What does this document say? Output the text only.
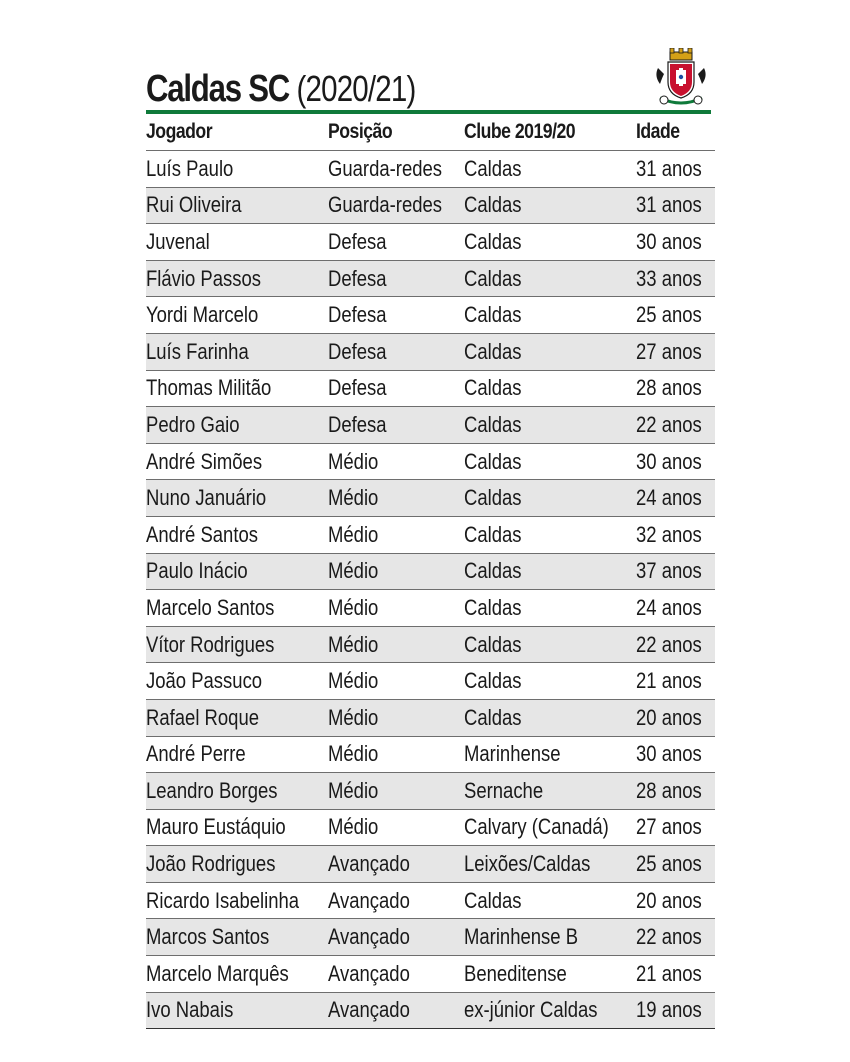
Caldas SC (2020/21)
Jogador	Posição	Clube 2019/20	Idade
Luís Paulo	Guarda-redes	Caldas	31 anos
Rui Oliveira	Guarda-redes	Caldas	31 anos
Juvenal	Defesa	Caldas	30 anos
Flávio Passos	Defesa	Caldas	33 anos
Yordi Marcelo	Defesa	Caldas	25 anos
Luís Farinha	Defesa	Caldas	27 anos
Thomas Militão	Defesa	Caldas	28 anos
Pedro Gaio	Defesa	Caldas	22 anos
André Simões	Médio	Caldas	30 anos
Nuno Januário	Médio	Caldas	24 anos
André Santos	Médio	Caldas	32 anos
Paulo Inácio	Médio	Caldas	37 anos
Marcelo Santos	Médio	Caldas	24 anos
Vítor Rodrigues	Médio	Caldas	22 anos
João Passuco	Médio	Caldas	21 anos
Rafael Roque	Médio	Caldas	20 anos
André Perre	Médio	Marinhense	30 anos
Leandro Borges	Médio	Sernache	28 anos
Mauro Eustáquio	Médio	Calvary (Canadá)	27 anos
João Rodrigues	Avançado	Leixões/Caldas	25 anos
Ricardo Isabelinha	Avançado	Caldas	20 anos
Marcos Santos	Avançado	Marinhense B	22 anos
Marcelo Marquês	Avançado	Beneditense	21 anos
Ivo Nabais	Avançado	ex-júnior Caldas	19 anos
